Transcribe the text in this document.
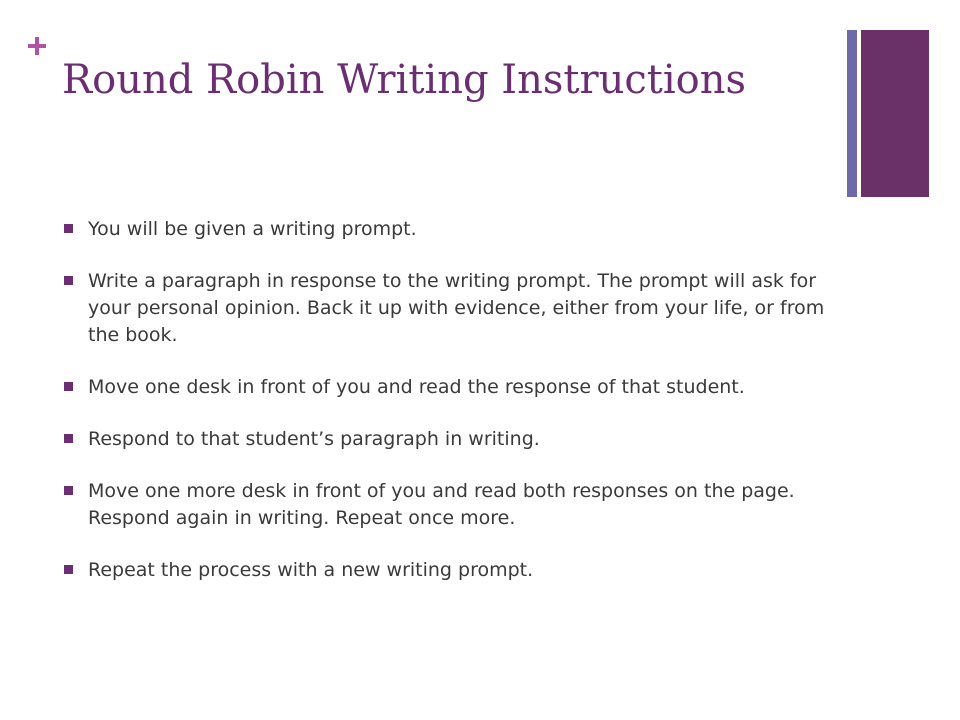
Round Robin Writing Instructions
You will be given a writing prompt.
Write a paragraph in response to the writing prompt. The prompt will ask for your personal opinion. Back it up with evidence, either from your life, or from the book.
Move one desk in front of you and read the response of that student.
Respond to that student’s paragraph in writing.
Move one more desk in front of you and read both responses on the page. Respond again in writing. Repeat once more.
Repeat the process with a new writing prompt.
